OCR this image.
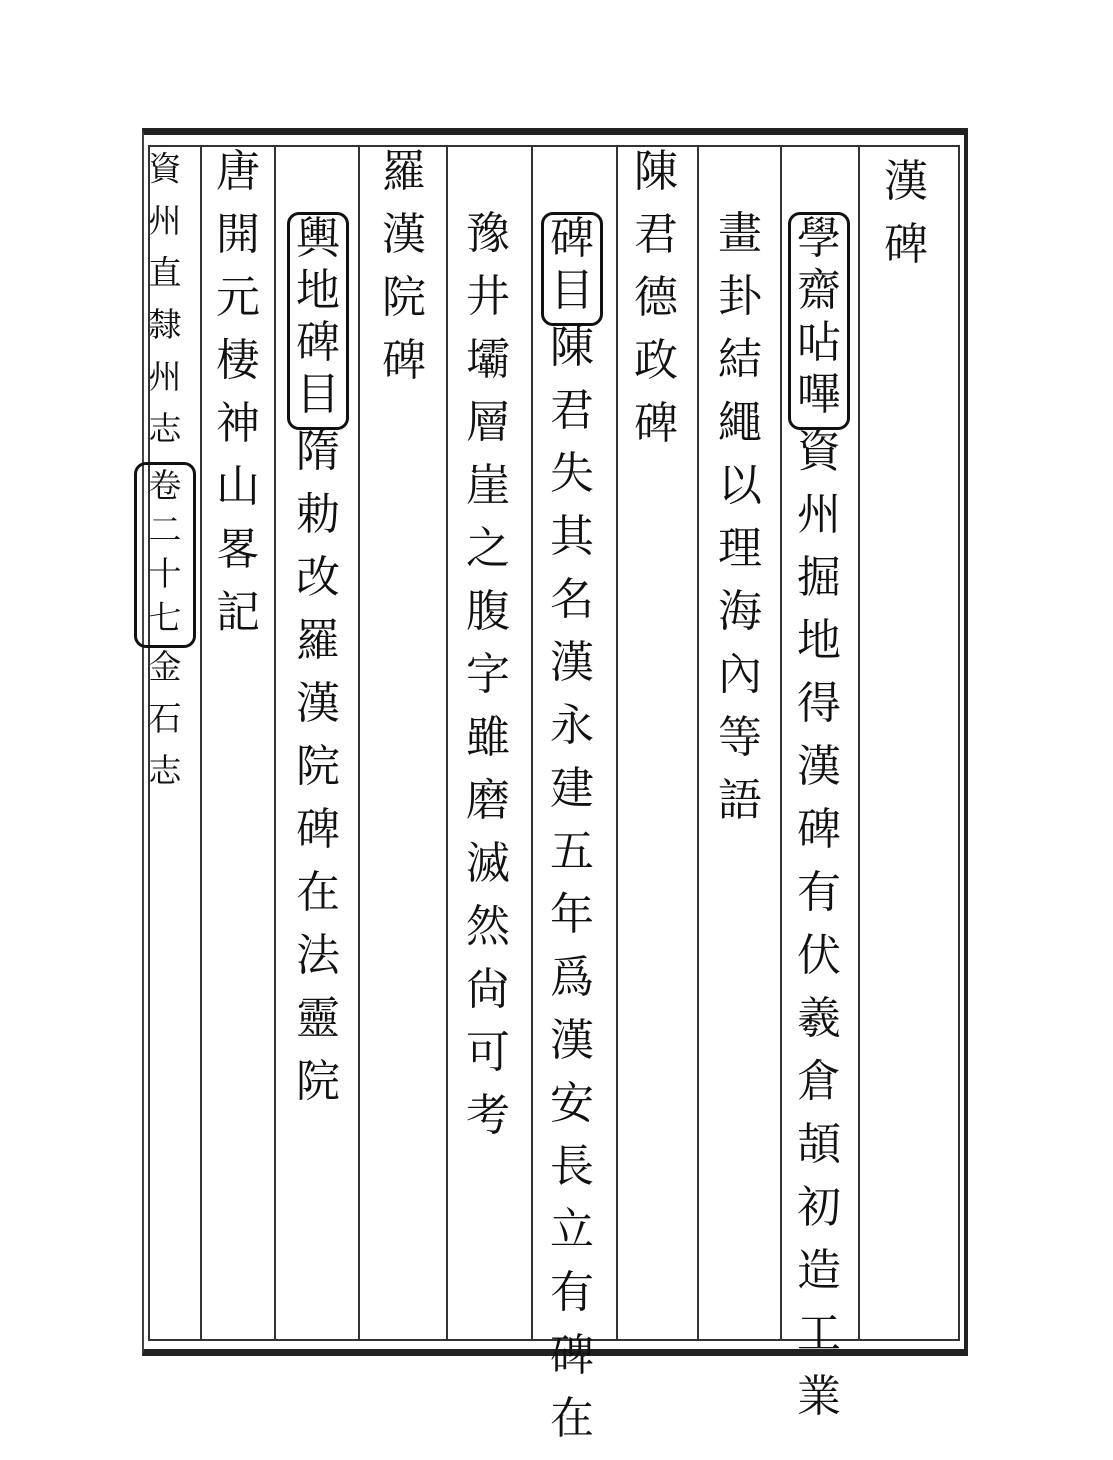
資
州
直
隸
州
志
卷
二
十
七
金
石
志
漢
碑
學
齋
呫
嗶
資
州
掘
地
得
漢
碑
有
伏
羲
倉
頡
初
造
工
業
畫
卦
結
繩
以
理
海
內
等
語
陳
君
德
政
碑
碑
目
陳
君
失
其
名
漢
永
建
五
年
爲
漢
安
長
立
有
碑
在
豫
井
壩
層
崖
之
腹
字
雖
磨
滅
然
尙
可
考
羅
漢
院
碑
輿
地
碑
目
隋
勅
改
羅
漢
院
碑
在
法
靈
院
唐
開
元
棲
神
山
畧
記
